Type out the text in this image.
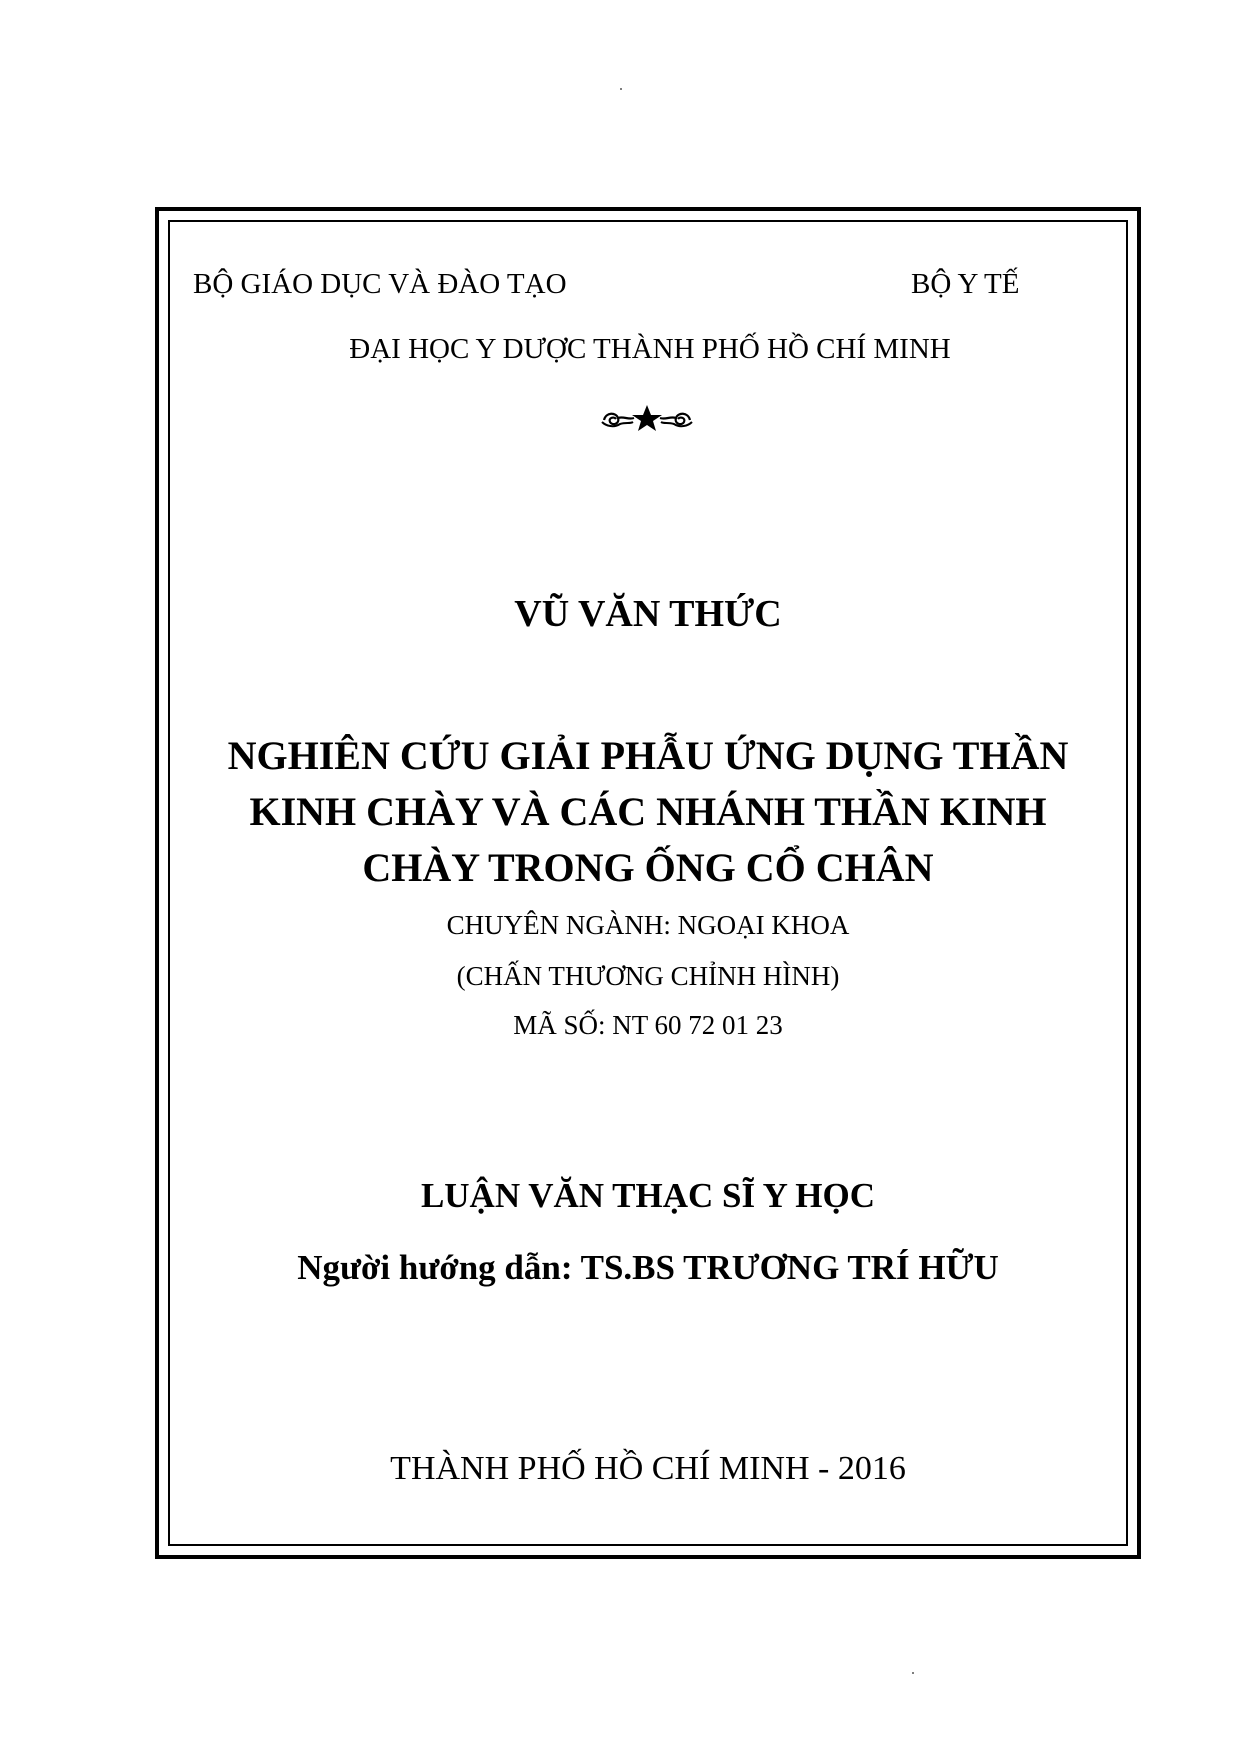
BỘ GIÁO DỤC VÀ ĐÀO TẠO	BỘ Y TẾ
ĐẠI HỌC Y DƯỢC THÀNH PHỐ HỒ CHÍ MINH
VŨ VĂN THỨC
NGHIÊN CỨU GIẢI PHẪU ỨNG DỤNG THẦN
KINH CHÀY VÀ CÁC NHÁNH THẦN KINH
CHÀY TRONG ỐNG CỔ CHÂN
CHUYÊN NGÀNH: NGOẠI KHOA
(CHẤN THƯƠNG CHỈNH HÌNH)
MÃ SỐ: NT 60 72 01 23
LUẬN VĂN THẠC SĨ Y HỌC
Người hướng dẫn: TS.BS TRƯƠNG TRÍ HỮU
THÀNH PHỐ HỒ CHÍ MINH - 2016
